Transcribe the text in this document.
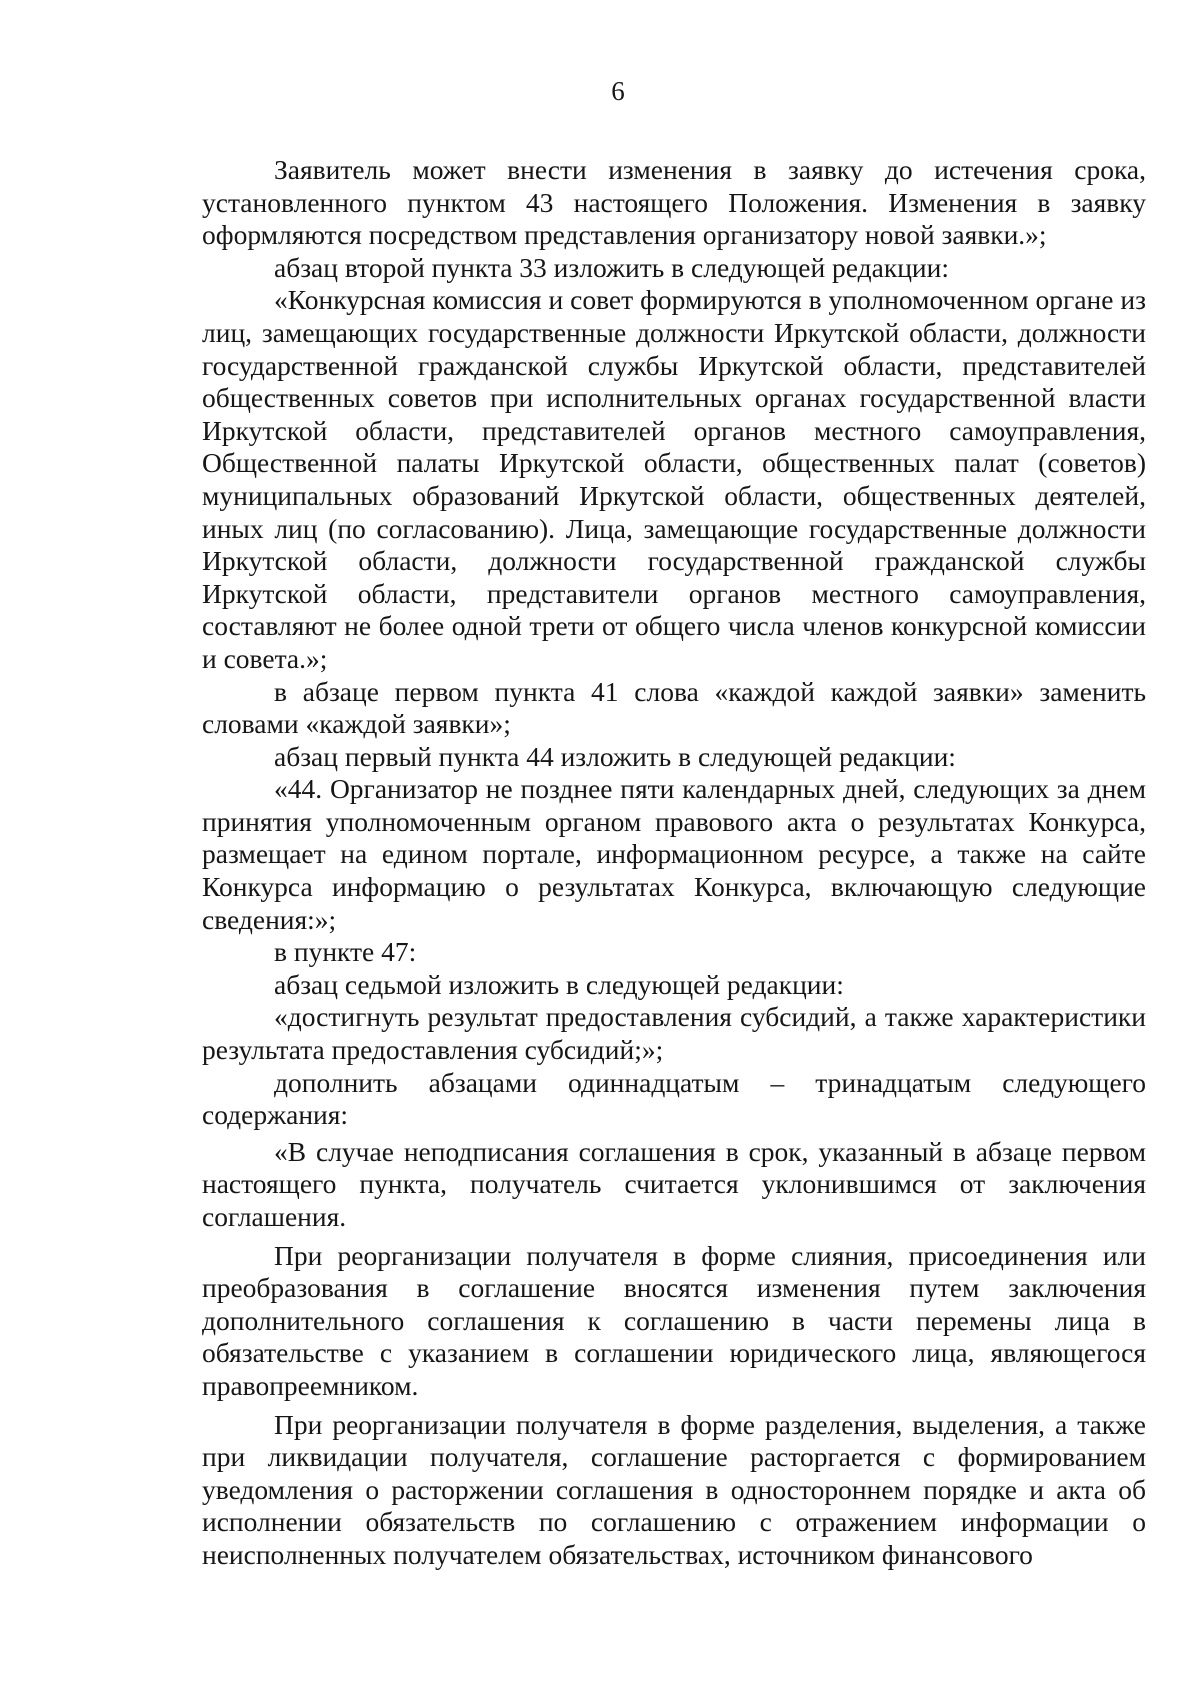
6

Заявитель может внести изменения в заявку до истечения срока, установленного пунктом 43 настоящего Положения. Изменения в заявку оформляются посредством представления организатору новой заявки.»;

абзац второй пункта 33 изложить в следующей редакции:

«Конкурсная комиссия и совет формируются в уполномоченном органе из лиц, замещающих государственные должности Иркутской области, должности государственной гражданской службы Иркутской области, представителей общественных советов при исполнительных органах государственной власти Иркутской области, представителей органов местного самоуправления, Общественной палаты Иркутской области, общественных палат (советов) муниципальных образований Иркутской области, общественных деятелей, иных лиц (по согласованию). Лица, замещающие государственные должности Иркутской области, должности государственной гражданской службы Иркутской области, представители органов местного самоуправления, составляют не более одной трети от общего числа членов конкурсной комиссии и совета.»;

в абзаце первом пункта 41 слова «каждой каждой заявки» заменить словами «каждой заявки»;

абзац первый пункта 44 изложить в следующей редакции:

«44. Организатор не позднее пяти календарных дней, следующих за днем принятия уполномоченным органом правового акта о результатах Конкурса, размещает на едином портале, информационном ресурсе, а также на сайте Конкурса информацию о результатах Конкурса, включающую следующие сведения:»;

в пункте 47:

абзац седьмой изложить в следующей редакции:

«достигнуть результат предоставления субсидий, а также характеристики результата предоставления субсидий;»;

дополнить абзацами одиннадцатым – тринадцатым следующего содержания:

«В случае неподписания соглашения в срок, указанный в абзаце первом настоящего пункта, получатель считается уклонившимся от заключения соглашения.

При реорганизации получателя в форме слияния, присоединения или преобразования в соглашение вносятся изменения путем заключения дополнительного соглашения к соглашению в части перемены лица в обязательстве с указанием в соглашении юридического лица, являющегося правопреемником.

При реорганизации получателя в форме разделения, выделения, а также при ликвидации получателя, соглашение расторгается с формированием уведомления о расторжении соглашения в одностороннем порядке и акта об исполнении обязательств по соглашению с отражением информации о неисполненных получателем обязательствах, источником финансового
